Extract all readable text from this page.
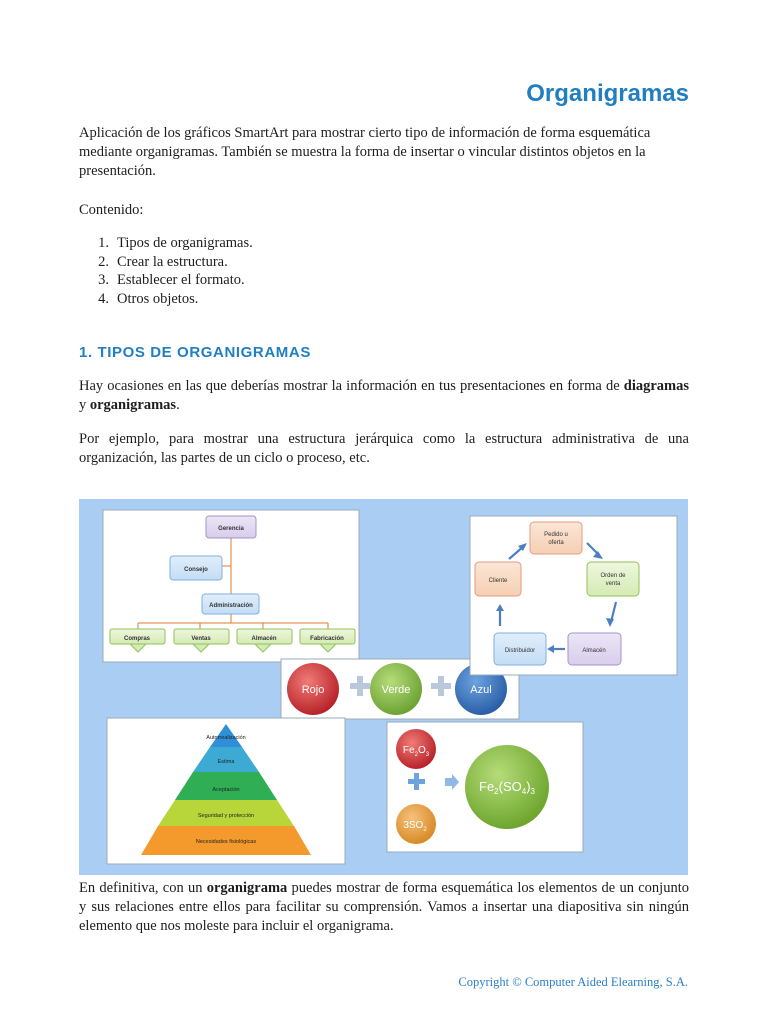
Organigramas

Aplicación de los gráficos SmartArt para mostrar cierto tipo de información de forma esquemática mediante organigramas. También se muestra la forma de insertar o vincular distintos objetos en la presentación.

Contenido:

1. Tipos de organigramas.
2. Crear la estructura.
3. Establecer el formato.
4. Otros objetos.
1. TIPOS DE ORGANIGRAMAS

Hay ocasiones en las que deberías mostrar la información en tus presentaciones en forma de diagramas y organigramas.

Por ejemplo, para mostrar una estructura jerárquica como la estructura administrativa de una organización, las partes de un ciclo o proceso, etc.

Gerencia
Consejo
Administración
Compras	Ventas	Almacén	Fabricación
Rojo	Verde	Azul
Pedido u
oferta
Orden de
venta
Almacén
Distribuidor
Cliente
Autorrealización
Estima
Aceptación
Seguridad y protección
Necesidades fisiológicas
$Fe_2O_3$
$3SO_2$
$Fe_2(SO_4)_3$

En definitiva, con un organigrama puedes mostrar de forma esquemática los elementos de un conjunto y sus relaciones entre ellos para facilitar su comprensión. Vamos a insertar una diapositiva sin ningún elemento que nos moleste para incluir el organigrama.

Copyright © Computer Aided Elearning, S.A.
